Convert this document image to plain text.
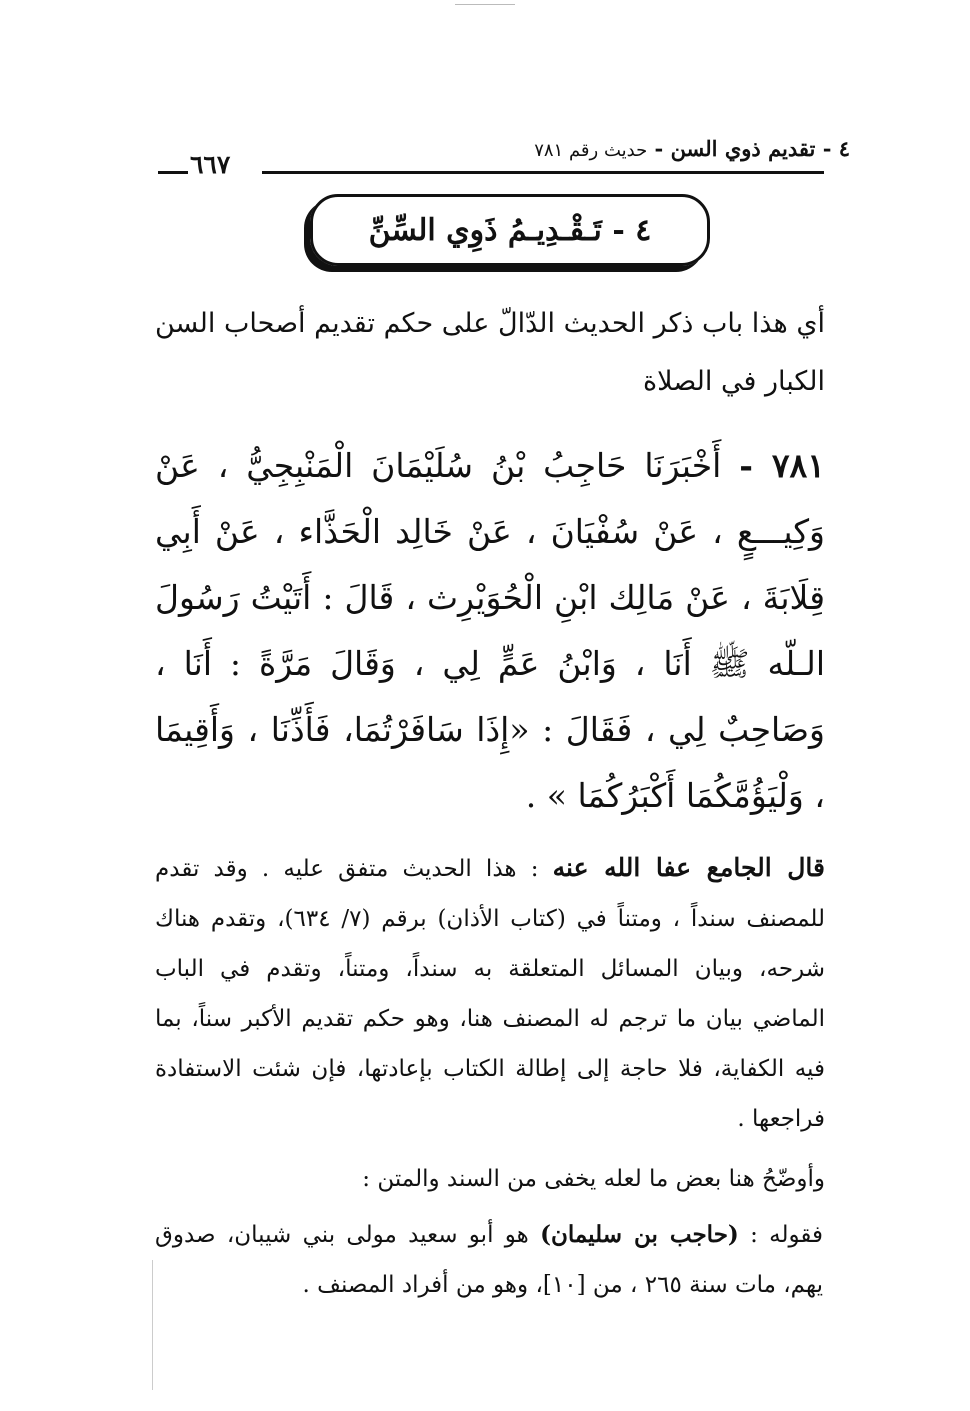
٤ - تقديم ذوي السن - حديث رقم ٧٨١
٦٦٧
٤ - تَـقْـدِيـمُ ذَوِي السِّنِّ

أي هذا باب ذكر الحديث الدّالّ على حكم تقديم أصحاب السن الكبار في الصلاة

٧٨١ - أَخْبَرَنَا حَاجِبُ بْنُ سُلَيْمَانَ الْمَنْبِجِيُّ ، عَنْ وَكِيـــعٍ ، عَنْ سُفْيَانَ ، عَنْ خَالِد الْحَذَّاء ، عَنْ أَبِي قِلَابَةَ ، عَنْ مَالِك ابْنِ الْحُوَيْرِث ، قَالَ : أَتَيْتُ رَسُولَ الـلّه ﷺ أَنَا ، وَابْنُ عَمٍّ لِي ، وَقَالَ مَرَّةً : أَنَا ، وَصَاحِبٌ لِي ، فَقَالَ : «إِذَا سَافَرْتُمَا، فَأَذِّنَا ، وَأَقِيمَا ، وَلْيَؤُمَّكُمَا أَكْبَرُكُمَا » .

قال الجامع عفا الله عنه : هذا الحديث متفق عليه . وقد تقدم للمصنف سنداً ، ومتناً في (كتاب الأذان) برقم (٧/ ٦٣٤)، وتقدم هناك شرحه، وبيان المسائل المتعلقة به سنداً، ومتناً، وتقدم في الباب الماضي بيان ما ترجم له المصنف هنا، وهو حكم تقديم الأكبر سناً، بما فيه الكفاية، فلا حاجة إلى إطالة الكتاب بإعادتها، فإن شئت الاستفادة فراجعها .

وأوضّحُ هنا بعض ما لعله يخفى من السند والمتن :

فقوله : (حاجب بن سليمان) هو أبو سعيد مولى بني شيبان، صدوق يهم، مات سنة ٢٦٥ ، من [١٠]، وهو من أفراد المصنف .
